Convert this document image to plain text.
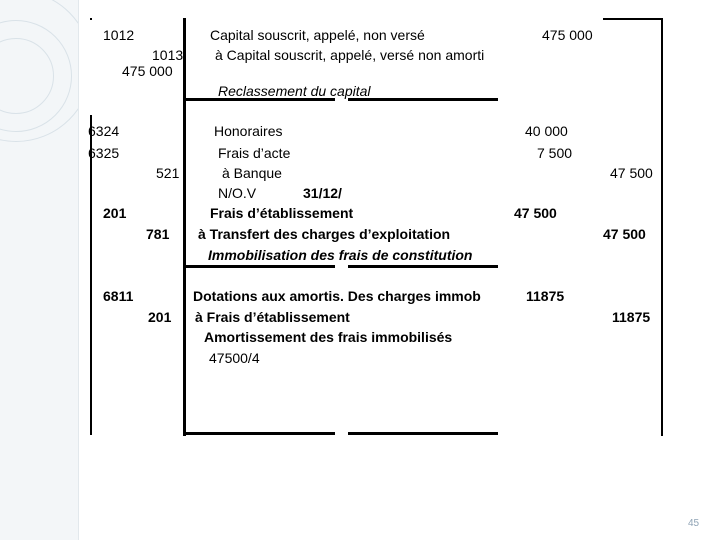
1012	Capital souscrit, appelé, non versé	475 000
1013 à Capital souscrit, appelé, versé non amorti
475 000
Reclassement du capital
6324	Honoraires	40 000
6325	Frais d’acte	7 500
521	à Banque	47 500
N/O.V	31/12/
201	Frais d’établissement	47 500
781 à Transfert des charges d’exploitation	47 500
Immobilisation des frais de constitution
6811	Dotations aux amortis. Des charges immob	11875
201 à Frais d’établissement	11875
Amortissement des frais immobilisés
47500/4
45
